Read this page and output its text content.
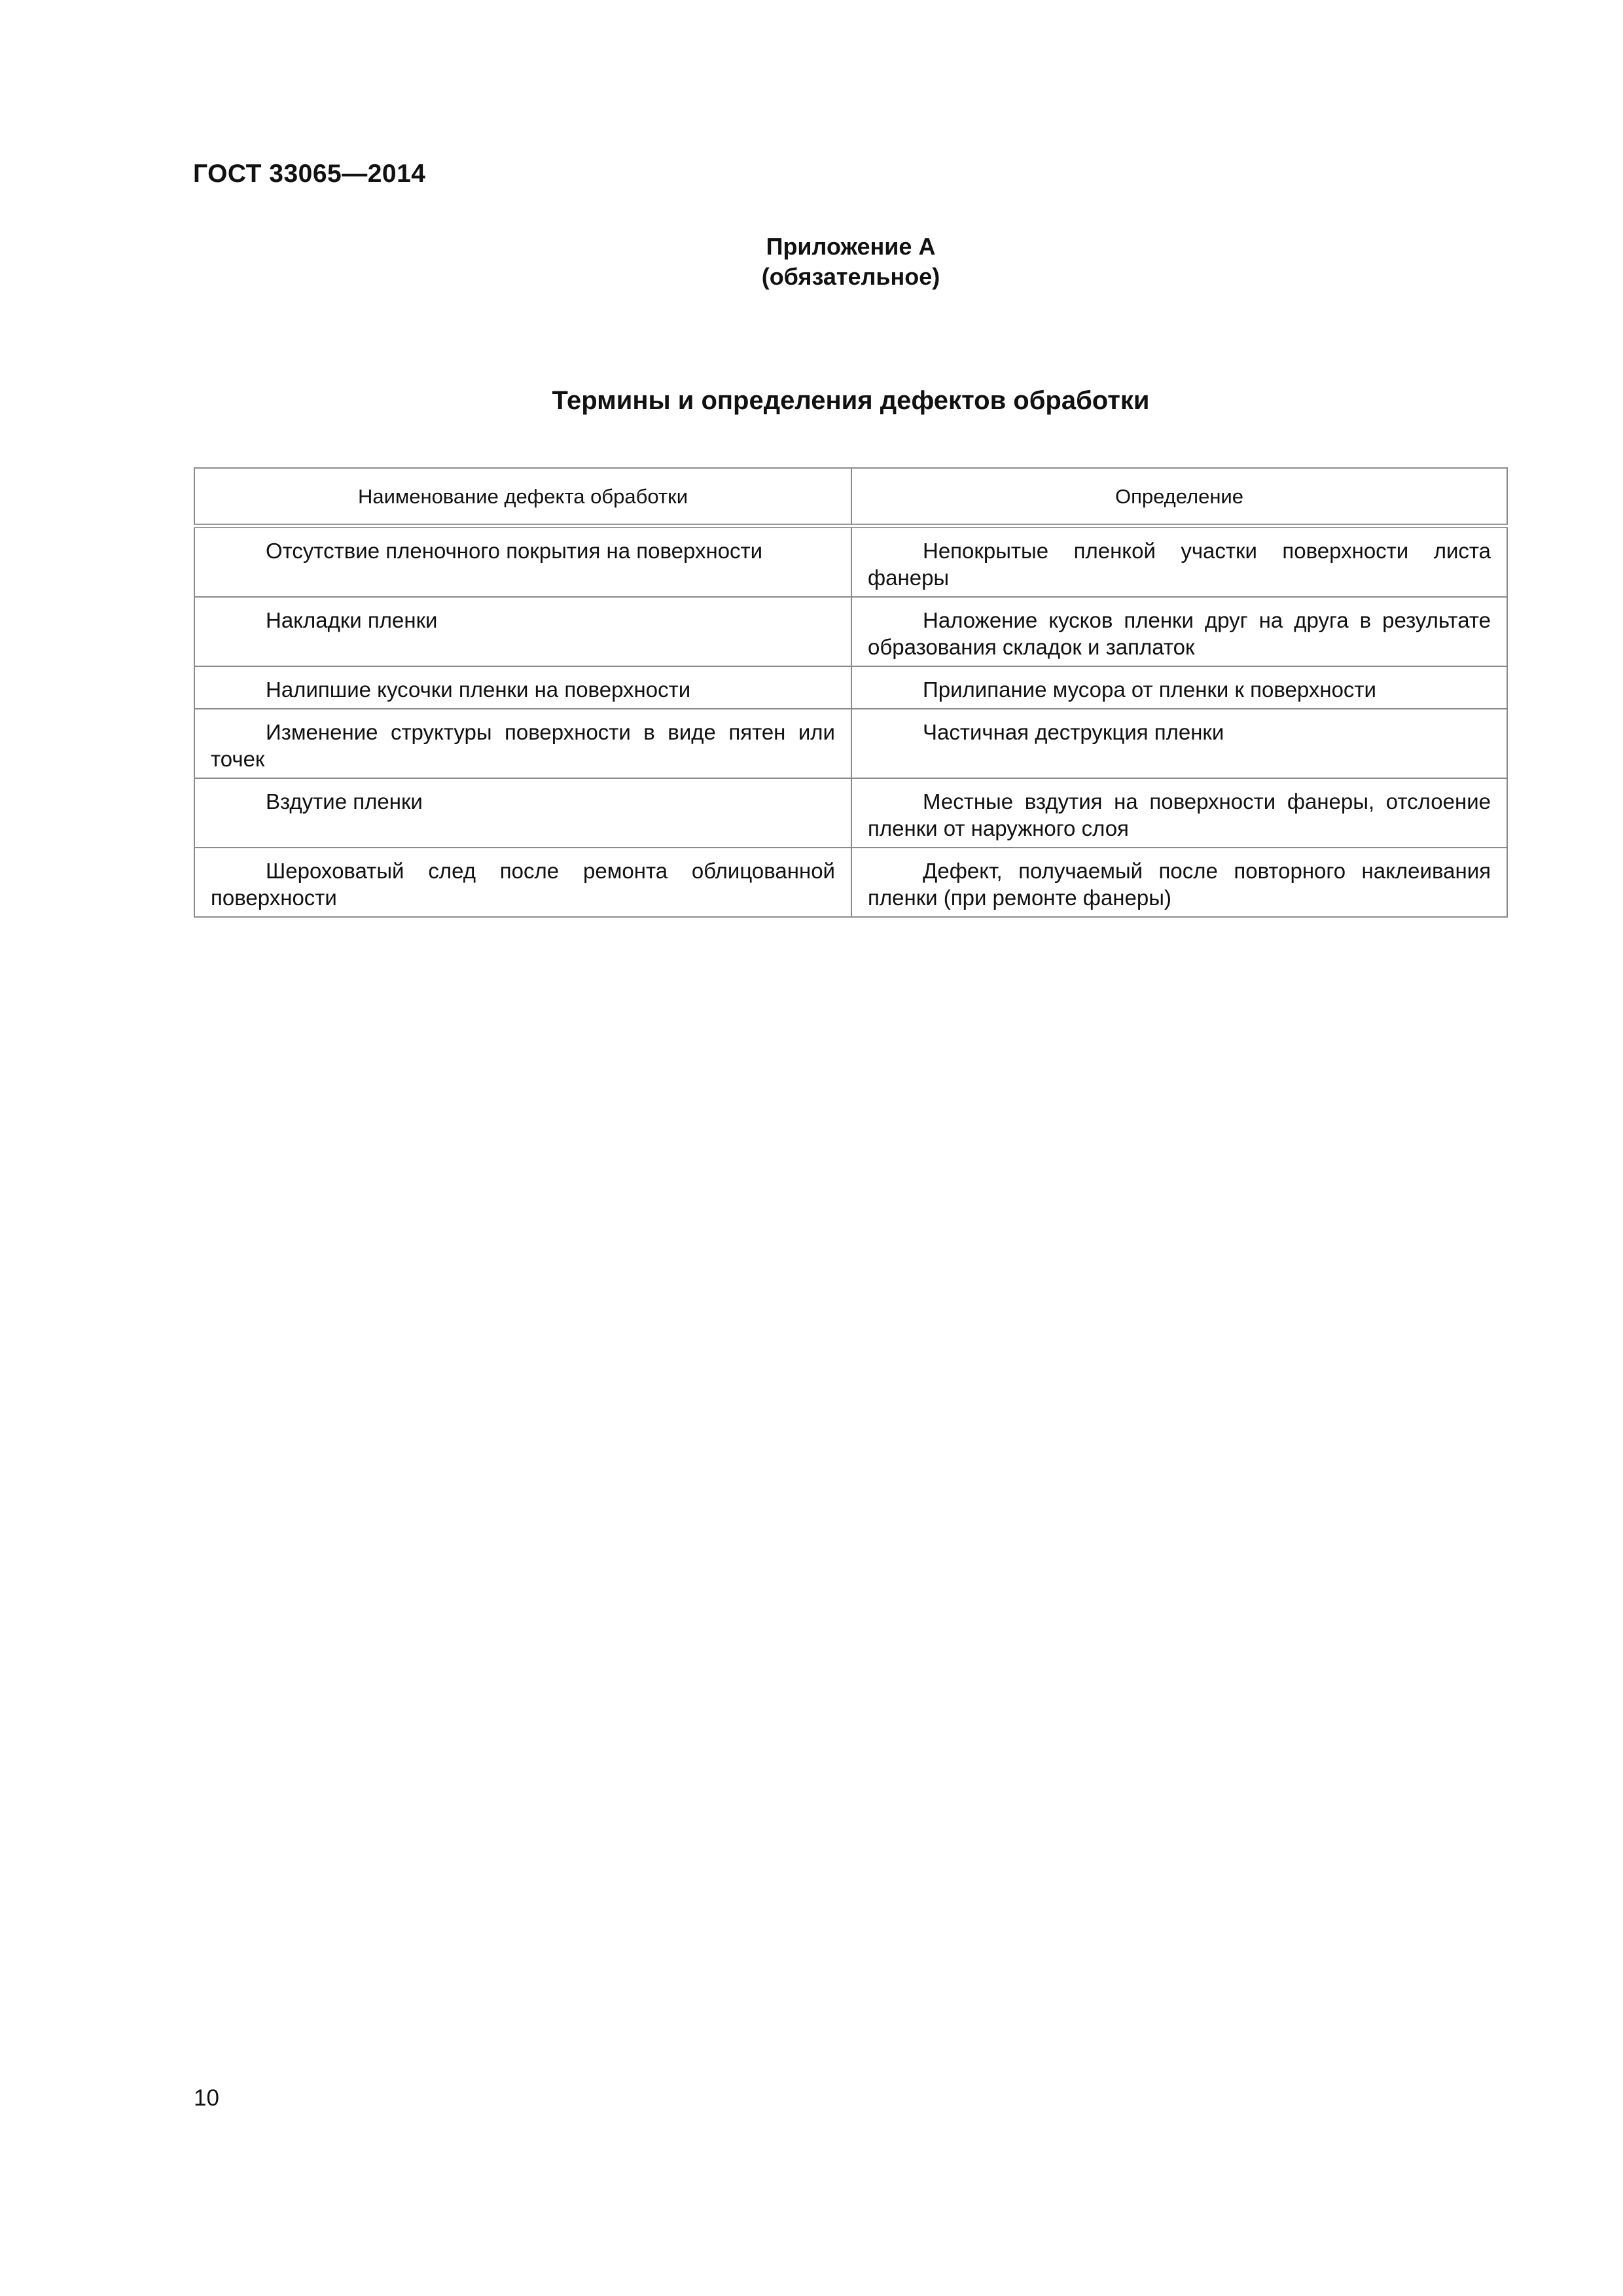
ГОСТ 33065—2014
Приложение А
(обязательное)
Термины и определения дефектов обработки
Наименование дефекта обработки	Определение

Отсутствие пленочного покрытия на поверхности	Непокрытые пленкой участки поверхности листа фанеры

Накладки пленки	Наложение кусков пленки друг на друга в результате образования складок и заплаток

Налипшие кусочки пленки на поверхности	Прилипание мусора от пленки к поверхности

Изменение структуры поверхности в виде пятен или точек	Частичная деструкция пленки

Вздутие пленки	Местные вздутия на поверхности фанеры, отслоение пленки от наружного слоя

Шероховатый след после ремонта облицованной поверхности	Дефект, получаемый после повторного наклеивания пленки (при ремонте фанеры)
10
